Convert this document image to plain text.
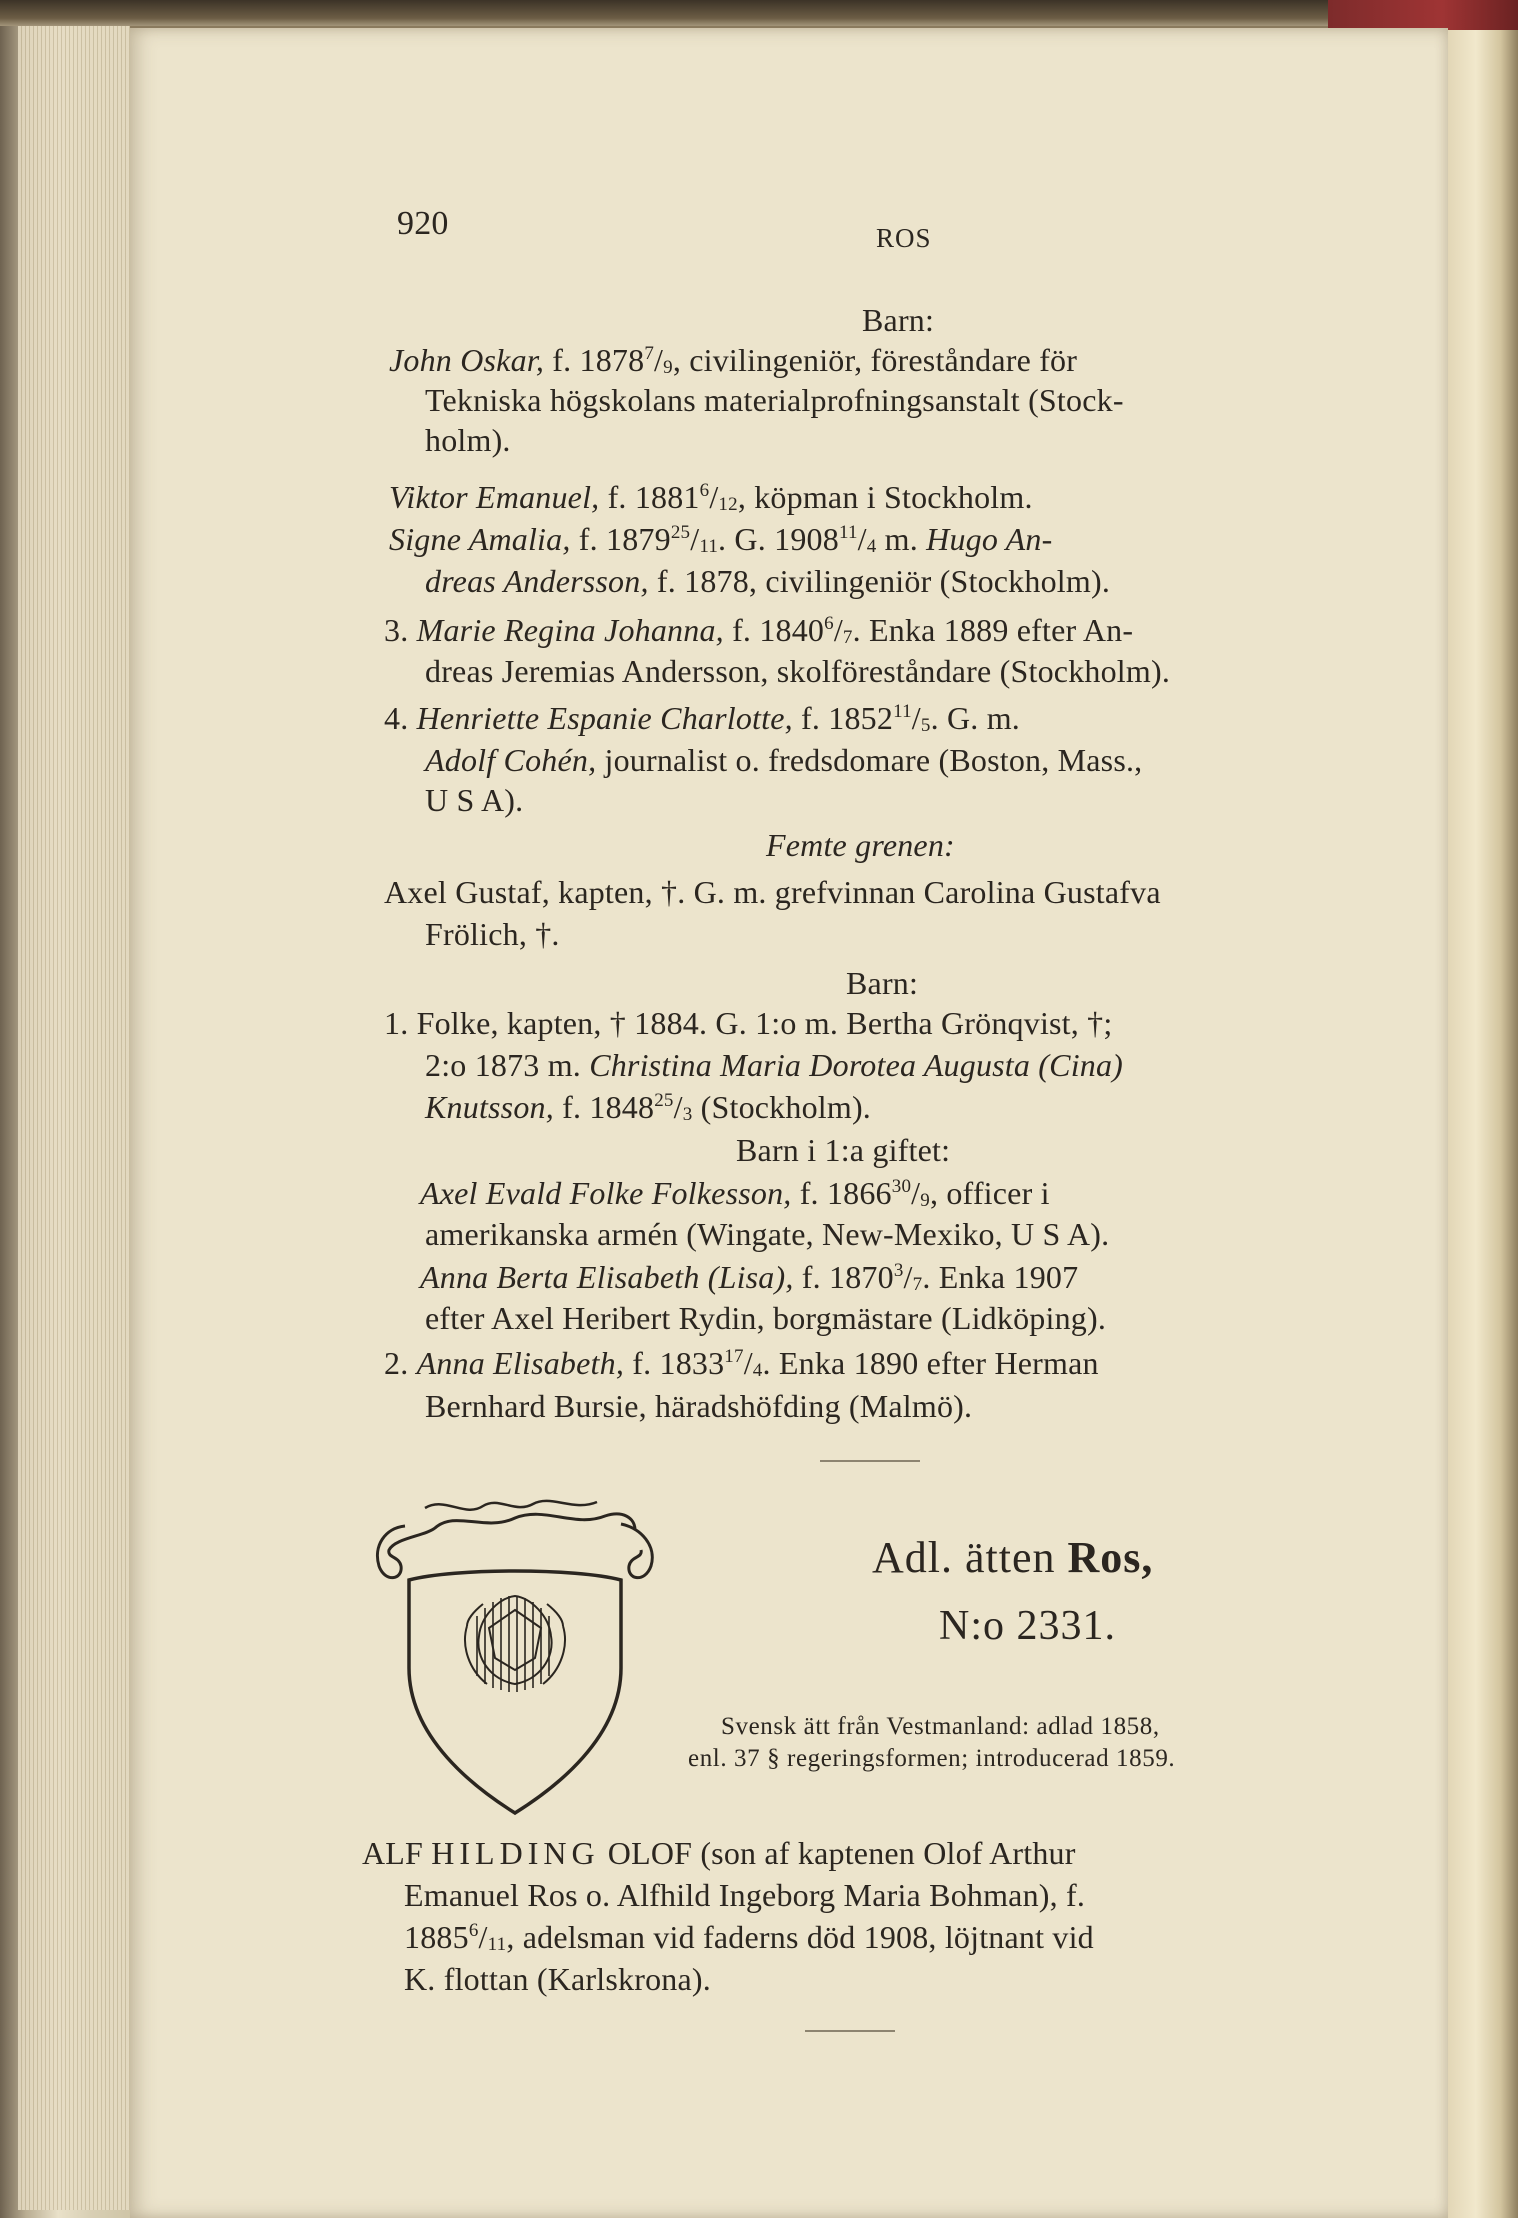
920	ROS
Barn:
John Oskar, f. $1878^7/_9$, civilingeniör, föreståndare för
Tekniska högskolans materialprofningsanstalt (Stock-
holm).
Viktor Emanuel, f. $1881^6/_{12}$, köpman i Stockholm.
Signe Amalia, f. $1879^{25}/_{11}$. G. $1908^{11}/_4$ m. Hugo An-
dreas Andersson, f. 1878, civilingeniör (Stockholm).
3. Marie Regina Johanna, f. $1840^6/_7$. Enka 1889 efter An-
dreas Jeremias Andersson, skolföreståndare (Stockholm).
4. Henriette Espanie Charlotte, f. $1852^{11}/_5$. G. m.
Adolf Cohén, journalist o. fredsdomare (Boston, Mass.,
U S A).
Femte grenen:
Axel Gustaf, kapten, †. G. m. grefvinnan Carolina Gustafva
Frölich, †.
Barn:
1. Folke, kapten, † 1884. G. 1:o m. Bertha Grönqvist, †;
2:o 1873 m. Christina Maria Dorotea Augusta (Cina)
Knutsson, f. $1848^{25}/_3$ (Stockholm).
Barn i 1:a giftet:
Axel Evald Folke Folkesson, f. $1866^{30}/_9$, officer i
amerikanska armén (Wingate, New-Mexiko, U S A).
Anna Berta Elisabeth (Lisa), f. $1870^3/_7$. Enka 1907
efter Axel Heribert Rydin, borgmästare (Lidköping).
2. Anna Elisabeth, f. $1833^{17}/_4$. Enka 1890 efter Herman
Bernhard Bursie, häradshöfding (Malmö).
Adl. ätten Ros,
N:o 2331.
Svensk ätt från Vestmanland: adlad 1858,
enl. 37 § regeringsformen; introducerad 1859.
ALF HILDING OLOF (son af kaptenen Olof Arthur
Emanuel Ros o. Alfhild Ingeborg Maria Bohman), f.
$1885^6/_{11}$, adelsman vid faderns död 1908, löjtnant vid
K. flottan (Karlskrona).
